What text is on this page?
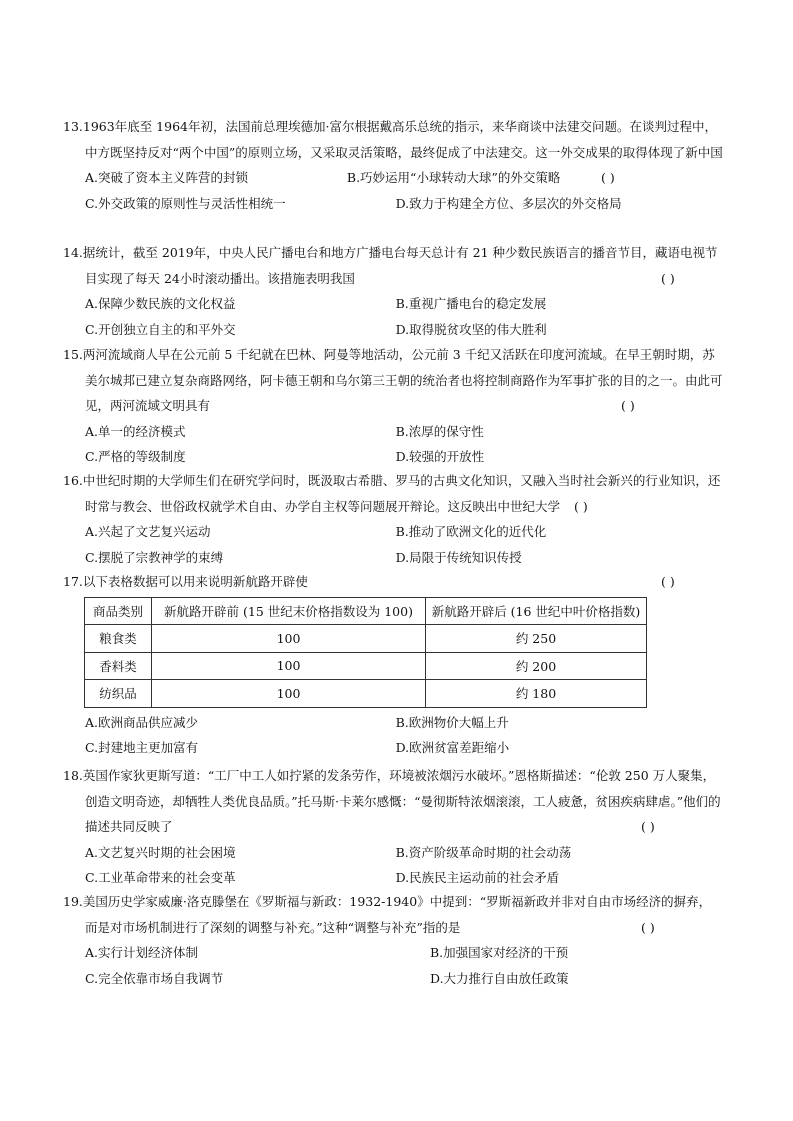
13.1963年底至 1964年初，法国前总理埃德加·富尔根据戴高乐总统的指示，来华商谈中法建交问题。在谈判过程中，中方既坚持反对“两个中国”的原则立场，又采取灵活策略，最终促成了中法建交。这一外交成果的取得体现了新中国
( )

A.突破了资本主义阵营的封锁	B.巧妙运用“小球转动大球”的外交策略
C.外交政策的原则性与灵活性相统一	D.致力于构建全方位、多层次的外交格局

14.据统计，截至 2019年，中央人民广播电台和地方广播电台每天总计有 21 种少数民族语言的播音节目，藏语电视节目实现了每天 24小时滚动播出。该措施表明我国	( )

A.保障少数民族的文化权益	B.重视广播电台的稳定发展
C.开创独立自主的和平外交	D.取得脱贫攻坚的伟大胜利

15.两河流域商人早在公元前 5 千纪就在巴林、阿曼等地活动，公元前 3 千纪又活跃在印度河流域。在早王朝时期，苏美尔城邦已建立复杂商路网络，阿卡德王朝和乌尔第三王朝的统治者也将控制商路作为军事扩张的目的之一。由此可见，两河流域文明具有	( )

A.单一的经济模式	B.浓厚的保守性
C.严格的等级制度	D.较强的开放性

16.中世纪时期的大学师生们在研究学问时，既汲取古希腊、罗马的古典文化知识，又融入当时社会新兴的行业知识，还时常与教会、世俗政权就学术自由、办学自主权等问题展开辩论。这反映出中世纪大学 ( )

A.兴起了文艺复兴运动	B.推动了欧洲文化的近代化
C.摆脱了宗教神学的束缚	D.局限于传统知识传授

17.以下表格数据可以用来说明新航路开辟使	( )

商品类别	新航路开辟前 (15 世纪末价格指数设为 100)	新航路开辟后 (16 世纪中叶价格指数)
粮食类	100	约 250
香料类	100	约 200
纺织品	100	约 180
A.欧洲商品供应减少	B.欧洲物价大幅上升
C.封建地主更加富有	D.欧洲贫富差距缩小

18.英国作家狄更斯写道：“工厂中工人如拧紧的发条劳作，环境被浓烟污水破坏。”恩格斯描述：“伦敦 250 万人聚集，创造文明奇迹，却牺牲人类优良品质。”托马斯·卡莱尔感慨：“曼彻斯特浓烟滚滚，工人疲惫，贫困疾病肆虐。”他们的描述共同反映了	( )

A.文艺复兴时期的社会困境	B.资产阶级革命时期的社会动荡
C.工业革命带来的社会变革	D.民族民主运动前的社会矛盾

19.美国历史学家威廉·洛克滕堡在《罗斯福与新政：1932-1940》中提到：“罗斯福新政并非对自由市场经济的摒弃，而是对市场机制进行了深刻的调整与补充。”这种“调整与补充”指的是	( )

A.实行计划经济体制	B.加强国家对经济的干预
C.完全依靠市场自我调节	D.大力推行自由放任政策
